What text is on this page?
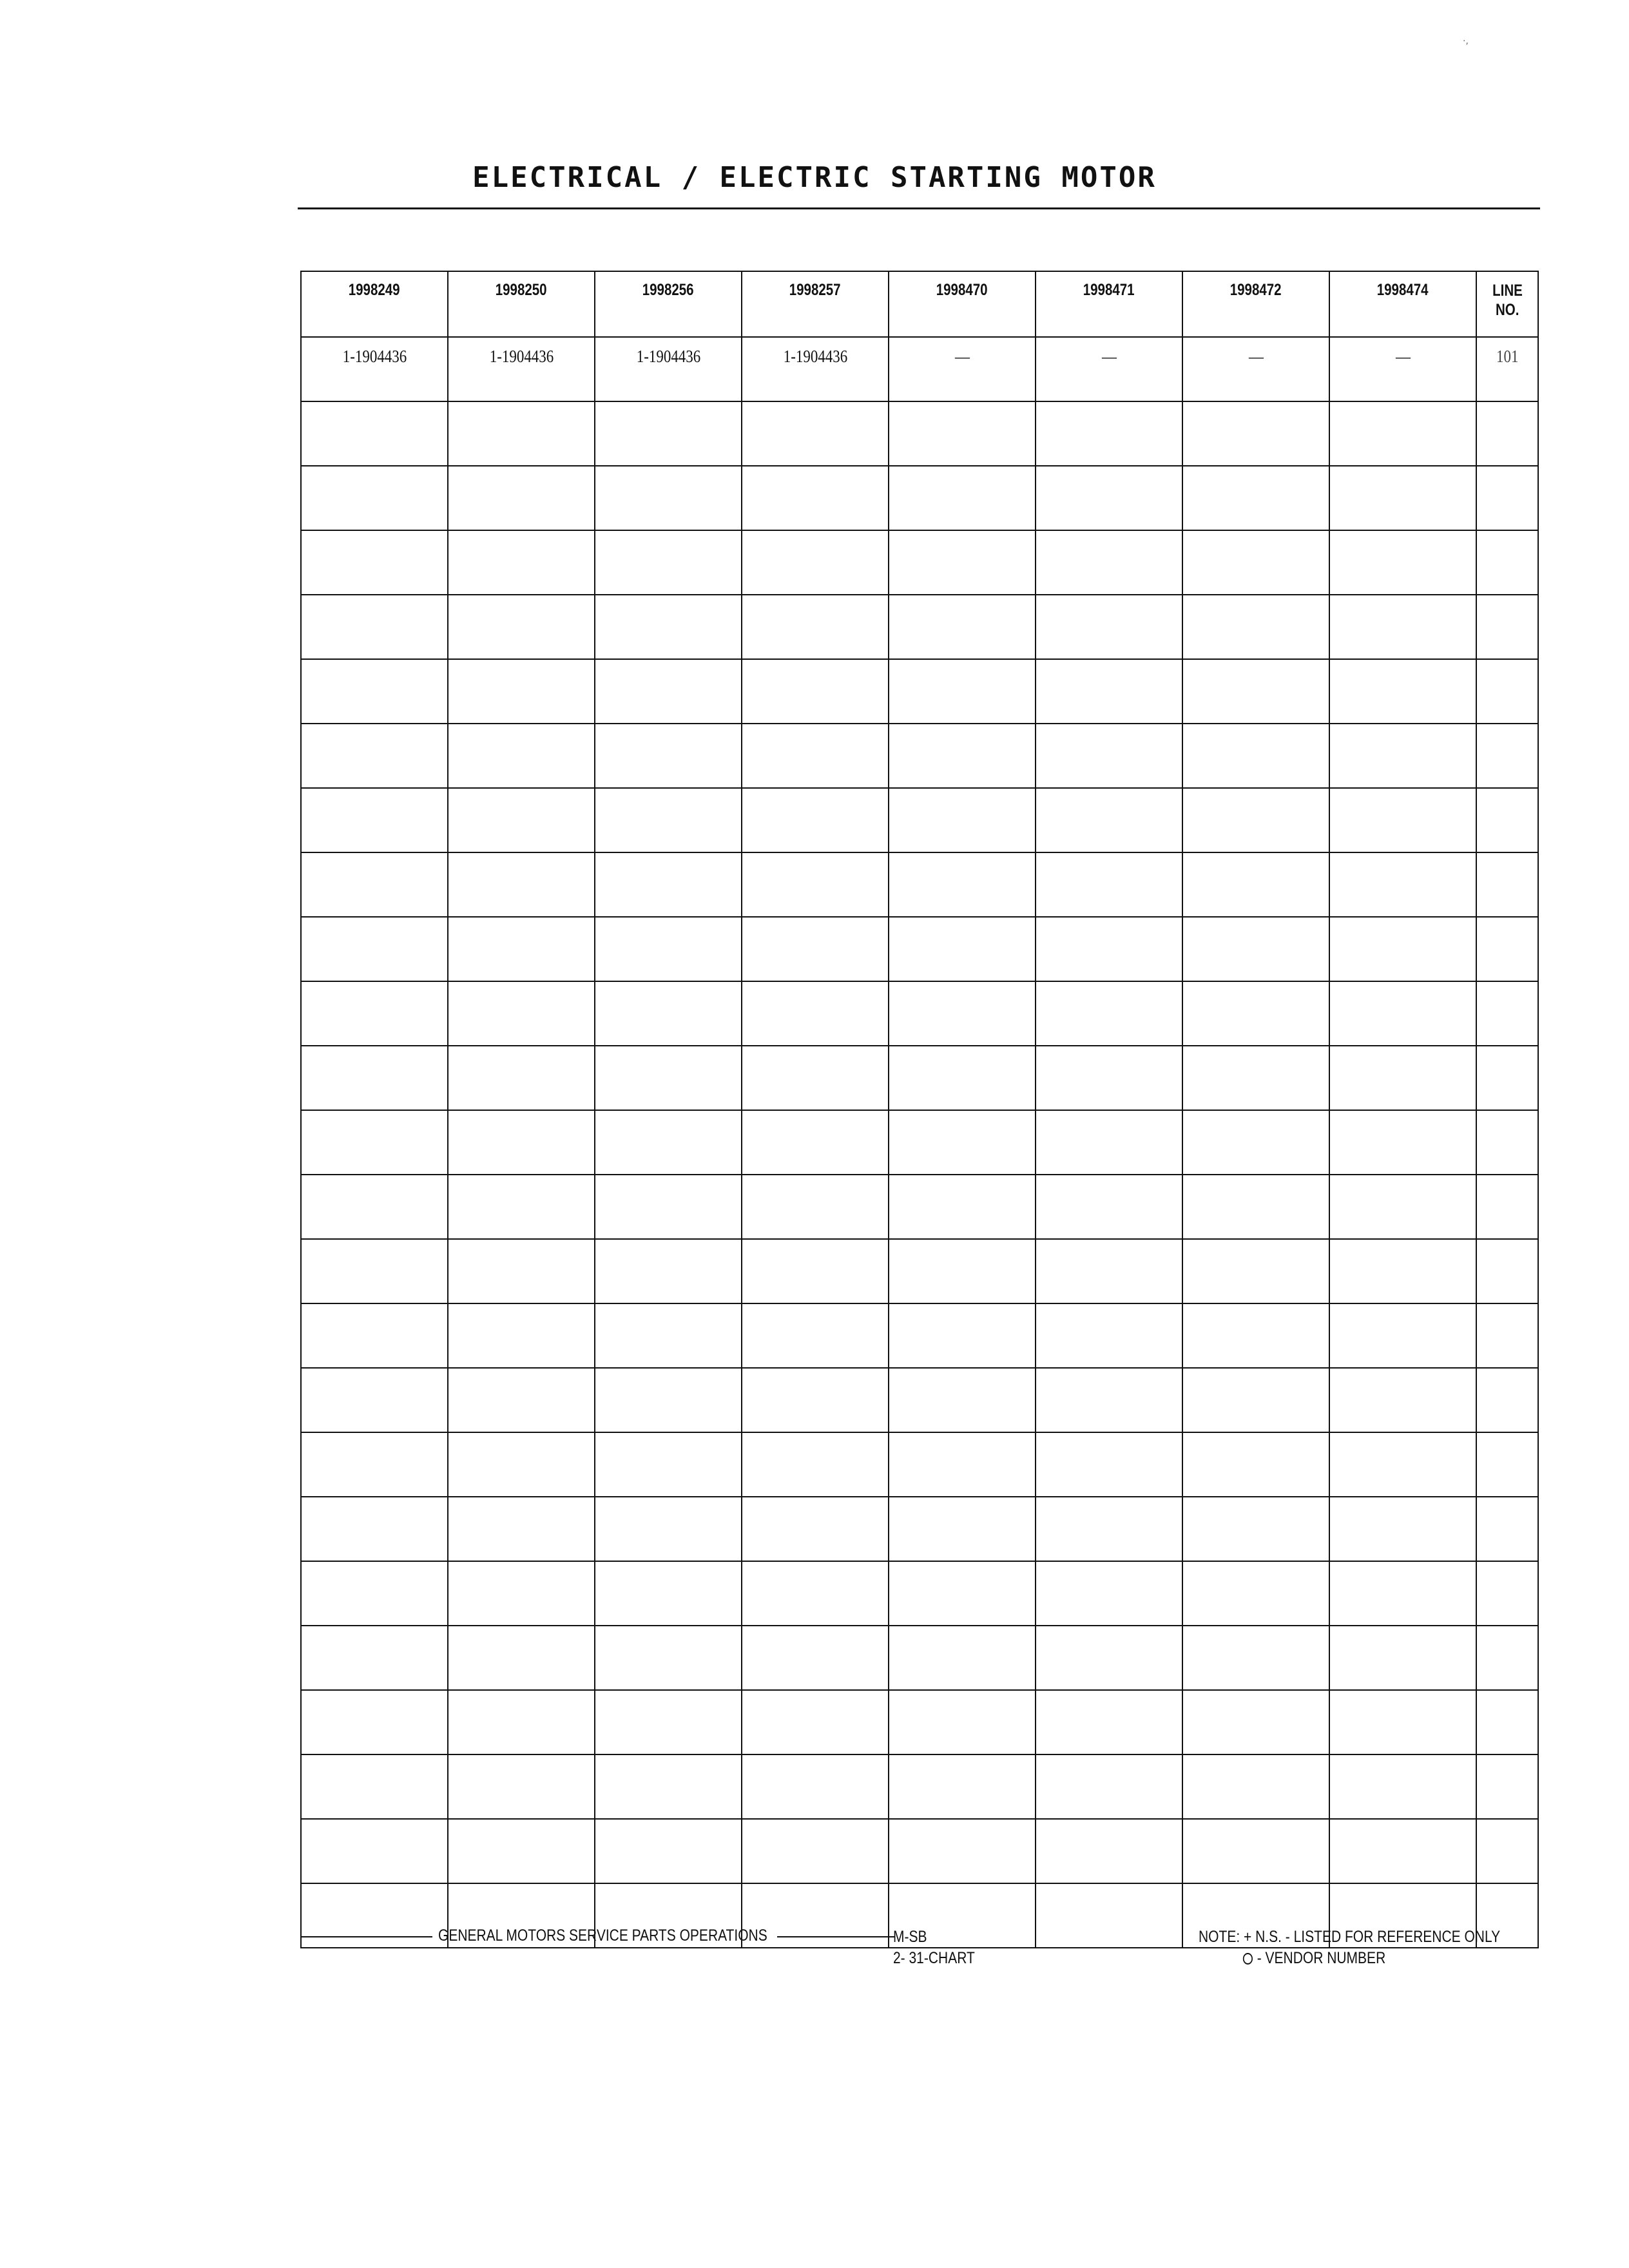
·,
ELECTRICAL / ELECTRIC STARTING MOTOR
1998249	1998250	1998256	1998257	1998470	1998471	1998472	1998474	LINE
NO.
1-1904436	1-1904436	1-1904436	1-1904436	—	—	—	—	101

GENERAL MOTORS SERVICE PARTS OPERATIONS	M-SB
2- 31-CHART
NOTE: + N.S. - LISTED FOR REFERENCE ONLY
- VENDOR NUMBER
